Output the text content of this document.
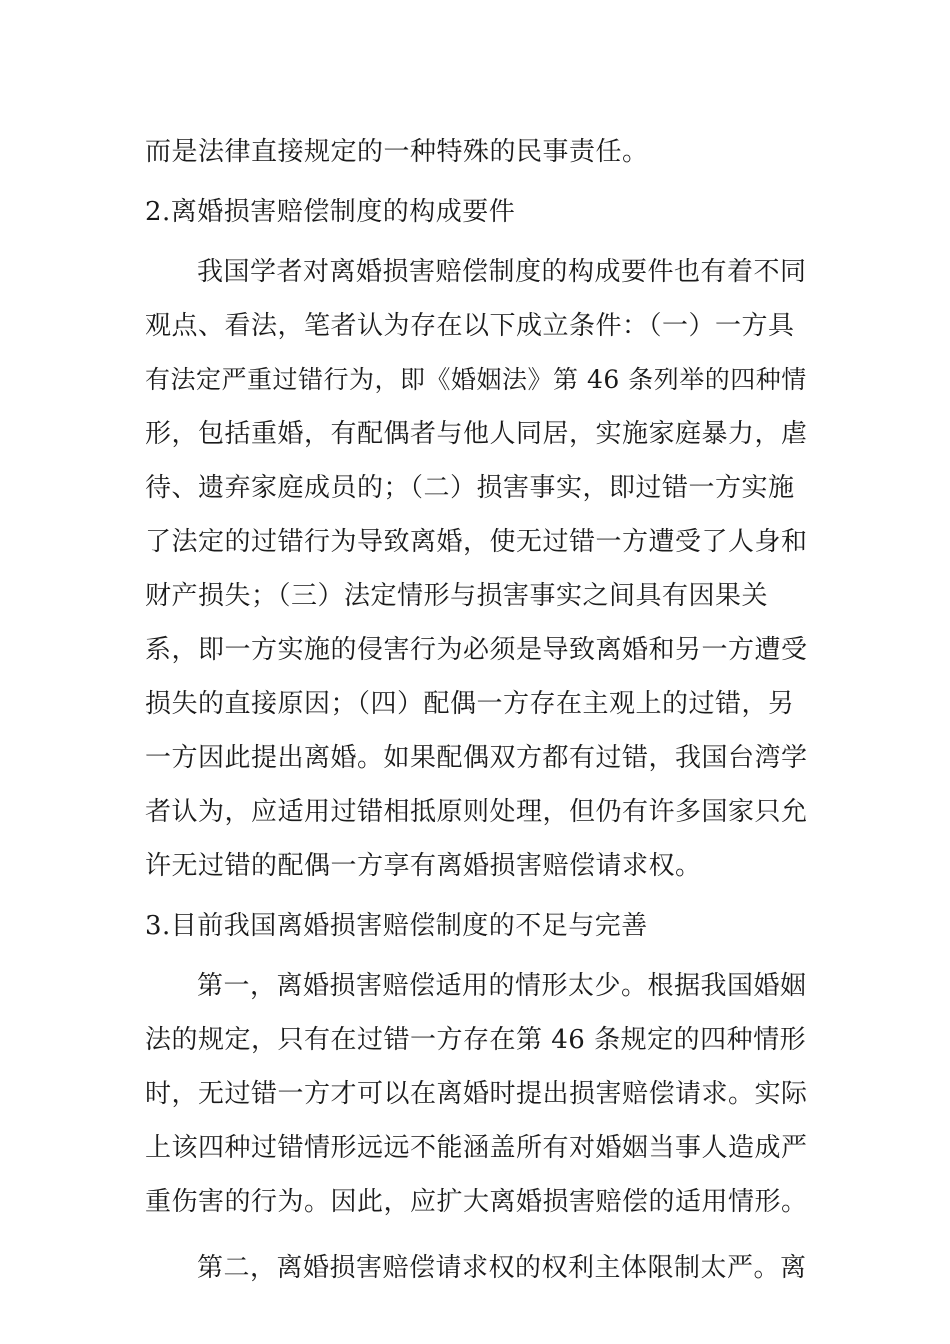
而是法律直接规定的一种特殊的民事责任。
2.离婚损害赔偿制度的构成要件
我国学者对离婚损害赔偿制度的构成要件也有着不同
观点、看法，笔者认为存在以下成立条件：（一）一方具
有法定严重过错行为，即《婚姻法》第 46 条列举的四种情
形，包括重婚，有配偶者与他人同居，实施家庭暴力，虐
待、遗弃家庭成员的；（二）损害事实，即过错一方实施
了法定的过错行为导致离婚，使无过错一方遭受了人身和
财产损失；（三）法定情形与损害事实之间具有因果关
系，即一方实施的侵害行为必须是导致离婚和另一方遭受
损失的直接原因；（四）配偶一方存在主观上的过错，另
一方因此提出离婚。如果配偶双方都有过错，我国台湾学
者认为，应适用过错相抵原则处理，但仍有许多国家只允
许无过错的配偶一方享有离婚损害赔偿请求权。
3.目前我国离婚损害赔偿制度的不足与完善
第一，离婚损害赔偿适用的情形太少。根据我国婚姻
法的规定，只有在过错一方存在第 46 条规定的四种情形
时，无过错一方才可以在离婚时提出损害赔偿请求。实际
上该四种过错情形远远不能涵盖所有对婚姻当事人造成严
重伤害的行为。因此，应扩大离婚损害赔偿的适用情形。
第二，离婚损害赔偿请求权的权利主体限制太严。离
